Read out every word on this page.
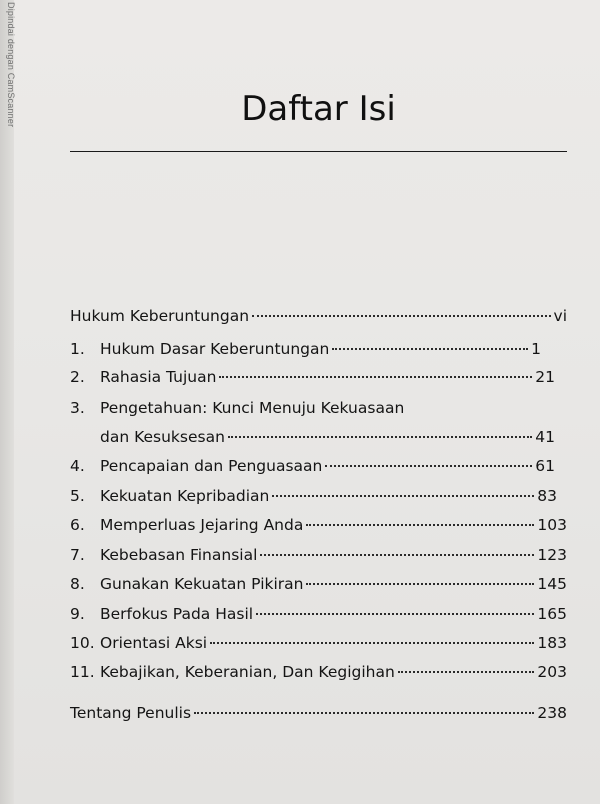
Dipindai dengan CamScanner	Daftar Isi
Hukum Keberuntungan	vi
1. Hukum Dasar Keberuntungan	1
2. Rahasia Tujuan	21
3. Pengetahuan: Kunci Menuju Kekuasaan
dan Kesuksesan	41
4. Pencapaian dan Penguasaan	61
5. Kekuatan Kepribadian	83
6. Memperluas Jejaring Anda	103
7. Kebebasan Finansial	123
8. Gunakan Kekuatan Pikiran	145
9. Berfokus Pada Hasil	165
10. Orientasi Aksi	183
11. Kebajikan, Keberanian, Dan Kegigihan	203
Tentang Penulis	238
